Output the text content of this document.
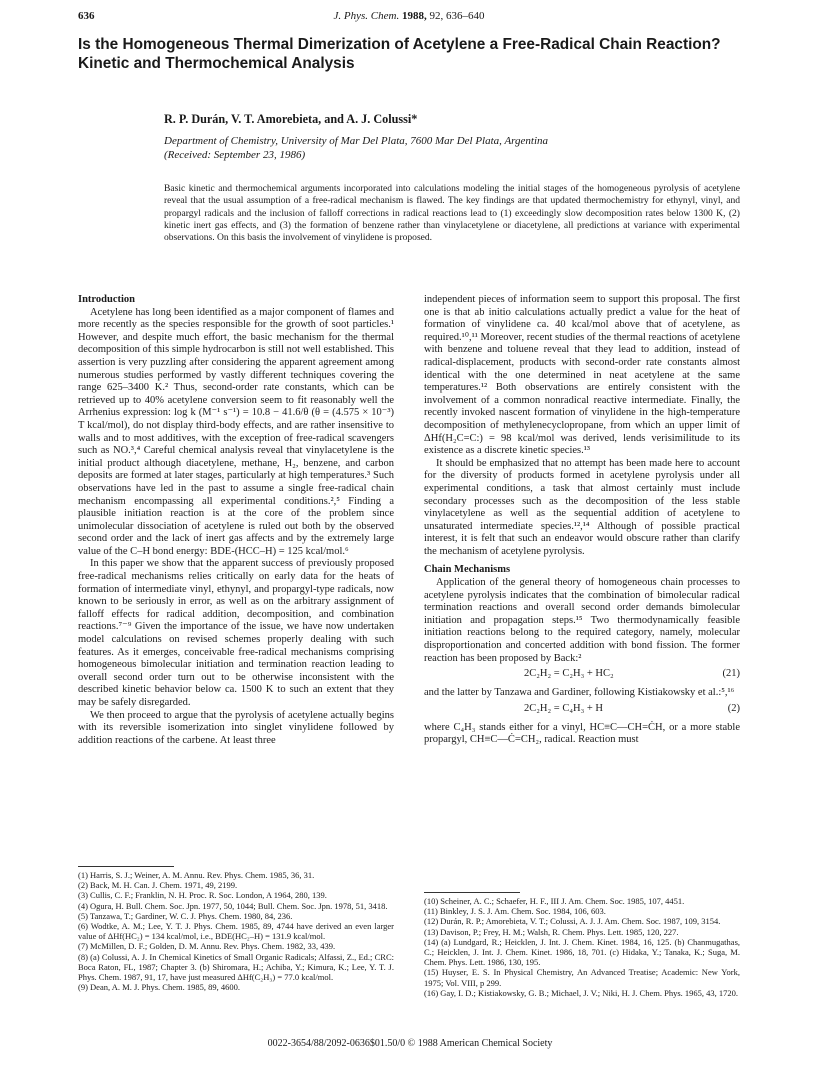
636	J. Phys. Chem. 1988, 92, 636–640
Is the Homogeneous Thermal Dimerization of Acetylene a Free-Radical Chain Reaction? Kinetic and Thermochemical Analysis
R. P. Durán, V. T. Amorebieta, and A. J. Colussi*
Department of Chemistry, University of Mar Del Plata, 7600 Mar Del Plata, Argentina
(Received: September 23, 1986)
Basic kinetic and thermochemical arguments incorporated into calculations modeling the initial stages of the homogeneous pyrolysis of acetylene reveal that the usual assumption of a free-radical mechanism is flawed. The key findings are that updated thermochemistry for ethynyl, vinyl, and propargyl radicals and the inclusion of falloff corrections in radical reactions lead to (1) exceedingly slow decomposition rates below 1300 K, (2) kinetic inert gas effects, and (3) the formation of benzene rather than vinylacetylene or diacetylene, all predictions at variance with experimental observations. On this basis the involvement of vinylidene is proposed.
Introduction

Acetylene has long been identified as a major component of flames and more recently as the species responsible for the growth of soot particles.¹ However, and despite much effort, the basic mechanism for the thermal decomposition of this simple hydrocarbon is still not well established. This assertion is very puzzling after considering the apparent agreement among numerous studies performed by vastly different techniques covering the range 625–3400 K.² Thus, second-order rate constants, which can be retrieved up to 40% acetylene conversion seem to fit reasonably well the Arrhenius expression: log k (M⁻¹ s⁻¹) = 10.8 − 41.6/θ (θ = (4.575 × 10⁻³) T kcal/mol), do not display third-body effects, and are rather insensitive to walls and to most additives, with the exception of free-radical scavengers such as NO.³,⁴ Careful chemical analysis reveal that vinylacetylene is the initial product although diacetylene, methane, H₂, benzene, and carbon deposits are formed at later stages, particularly at high temperatures.³ Such observations have led in the past to assume a single free-radical chain mechanism encompassing all experimental conditions.²,⁵ Finding a plausible initiation reaction is at the core of the problem since unimolecular dissociation of acetylene is ruled out both by the observed second order and the lack of inert gas affects and by the extremely large value of the C–H bond energy: BDE-(HCC–H) = 125 kcal/mol.⁶

In this paper we show that the apparent success of previously proposed free-radical mechanisms relies critically on early data for the heats of formation of intermediate vinyl, ethynyl, and propargyl-type radicals, now known to be seriously in error, as well as on the arbitrary assignment of falloff effects for radical addition, decomposition, and combination reactions.⁷⁻⁹ Given the importance of the issue, we have now undertaken model calculations on revised schemes properly dealing with such features. As it emerges, conceivable free-radical mechanisms comprising homogeneous bimolecular initiation and termination reaction leading to overall second order turn out to be otherwise inconsistent with the described kinetic behavior below ca. 1500 K to such an extent that they may be safely disregarded.

We then proceed to argue that the pyrolysis of acetylene actually begins with its reversible isomerization into singlet vinylidene followed by addition reactions of the carbene. At least three

(1) Harris, S. J.; Weiner, A. M. Annu. Rev. Phys. Chem. 1985, 36, 31.
(2) Back, M. H. Can. J. Chem. 1971, 49, 2199.
(3) Cullis, C. F.; Franklin, N. H. Proc. R. Soc. London, A 1964, 280, 139.
(4) Ogura, H. Bull. Chem. Soc. Jpn. 1977, 50, 1044; Bull. Chem. Soc. Jpn. 1978, 51, 3418.
(5) Tanzawa, T.; Gardiner, W. C. J. Phys. Chem. 1980, 84, 236.
(6) Wodtke, A. M.; Lee, Y. T. J. Phys. Chem. 1985, 89, 4744 have derived an even larger value of ΔHf(HC₂) = 134 kcal/mol, i.e., BDE(HC₂–H) = 131.9 kcal/mol.
(7) McMillen, D. F.; Golden, D. M. Annu. Rev. Phys. Chem. 1982, 33, 439.
(8) (a) Colussi, A. J. In Chemical Kinetics of Small Organic Radicals; Alfassi, Z., Ed.; CRC: Boca Raton, FL, 1987; Chapter 3. (b) Shiromara, H.; Achiba, Y.; Kimura, K.; Lee, Y. T. J. Phys. Chem. 1987, 91, 17, have just measured ΔHf(C₂H₃) = 77.0 kcal/mol.
(9) Dean, A. M. J. Phys. Chem. 1985, 89, 4600.

independent pieces of information seem to support this proposal. The first one is that ab initio calculations actually predict a value for the heat of formation of vinylidene ca. 40 kcal/mol above that of acetylene, as required.¹⁰,¹¹ Moreover, recent studies of the thermal reactions of acetylene with benzene and toluene reveal that they lead to addition, instead of radical-displacement, products with second-order rate constants almost identical with the one determined in neat acetylene at the same temperatures.¹² Both observations are entirely consistent with the involvement of a common nonradical reactive intermediate. Finally, the recently invoked nascent formation of vinylidene in the high-temperature decomposition of methylenecyclopropane, from which an upper limit of ΔHf(H₂C=C:) = 98 kcal/mol was derived, lends verisimilitude to its existence as a discrete kinetic species.¹³

It should be emphasized that no attempt has been made here to account for the diversity of products formed in acetylene pyrolysis under all experimental conditions, a task that almost certainly must include secondary processes such as the decomposition of the less stable vinylacetylene as well as the sequential addition of acetylene to unsaturated intermediate species.¹²,¹⁴ Although of possible practical interest, it is felt that such an endeavor would obscure rather than clarify the mechanism of acetylene pyrolysis.

Chain Mechanisms

Application of the general theory of homogeneous chain processes to acetylene pyrolysis indicates that the combination of bimolecular radical termination reactions and overall second order demands bimolecular initiation and propagation steps.¹⁵ Two thermodynamically feasible initiation reactions belong to the required category, namely, molecular disproportionation and concerted addition with bond fission. The former reaction has been proposed by Back:²

2C₂H₂ = C₂H₃ + HC₂	(21)

and the latter by Tanzawa and Gardiner, following Kistiakowsky et al.:⁵,¹⁶

2C₂H₂ = C₄H₃ + H	(2)

where C₄H₃ stands either for a vinyl, HC≡C—CH=ĊH, or a more stable propargyl, CH≡C—Ċ=CH₂, radical. Reaction must

(10) Scheiner, A. C.; Schaefer, H. F., III J. Am. Chem. Soc. 1985, 107, 4451.
(11) Binkley, J. S. J. Am. Chem. Soc. 1984, 106, 603.
(12) Durán, R. P.; Amorebieta, V. T.; Colussi, A. J. J. Am. Chem. Soc. 1987, 109, 3154.
(13) Davison, P.; Frey, H. M.; Walsh, R. Chem. Phys. Lett. 1985, 120, 227.
(14) (a) Lundgard, R.; Heicklen, J. Int. J. Chem. Kinet. 1984, 16, 125. (b) Chanmugathas, C.; Heicklen, J. Int. J. Chem. Kinet. 1986, 18, 701. (c) Hidaka, Y.; Tanaka, K.; Suga, M. Chem. Phys. Lett. 1986, 130, 195.
(15) Huyser, E. S. In Physical Chemistry, An Advanced Treatise; Academic: New York, 1975; Vol. VIII, p 299.
(16) Gay, I. D.; Kistiakowsky, G. B.; Michael, J. V.; Niki, H. J. Chem. Phys. 1965, 43, 1720.
0022-3654/88/2092-0636$01.50/0 © 1988 American Chemical Society
